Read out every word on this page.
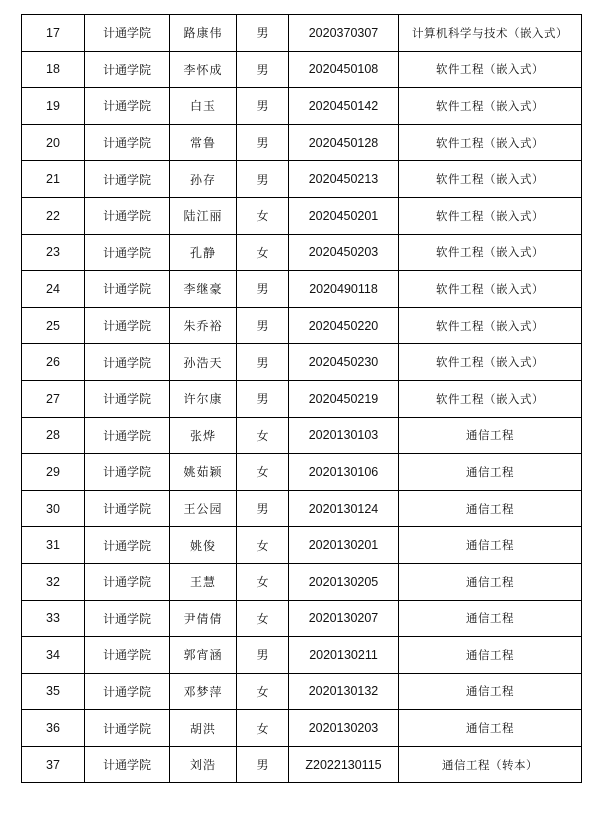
17	计通学院	路康伟	男	2020370307	计算机科学与技术（嵌入式）
18	计通学院	李怀成	男	2020450108	软件工程（嵌入式）
19	计通学院	白玉	男	2020450142	软件工程（嵌入式）
20	计通学院	常鲁	男	2020450128	软件工程（嵌入式）
21	计通学院	孙存	男	2020450213	软件工程（嵌入式）
22	计通学院	陆江丽	女	2020450201	软件工程（嵌入式）
23	计通学院	孔静	女	2020450203	软件工程（嵌入式）
24	计通学院	李继豪	男	2020490118	软件工程（嵌入式）
25	计通学院	朱乔裕	男	2020450220	软件工程（嵌入式）
26	计通学院	孙浩天	男	2020450230	软件工程（嵌入式）
27	计通学院	许尔康	男	2020450219	软件工程（嵌入式）
28	计通学院	张烨	女	2020130103	通信工程
29	计通学院	姚茹颖	女	2020130106	通信工程
30	计通学院	王公园	男	2020130124	通信工程
31	计通学院	姚俊	女	2020130201	通信工程
32	计通学院	王慧	女	2020130205	通信工程
33	计通学院	尹倩倩	女	2020130207	通信工程
34	计通学院	郭宵涵	男	2020130211	通信工程
35	计通学院	邓梦萍	女	2020130132	通信工程
36	计通学院	胡洪	女	2020130203	通信工程
37	计通学院	刘浩	男	Z2022130115	通信工程（转本）
